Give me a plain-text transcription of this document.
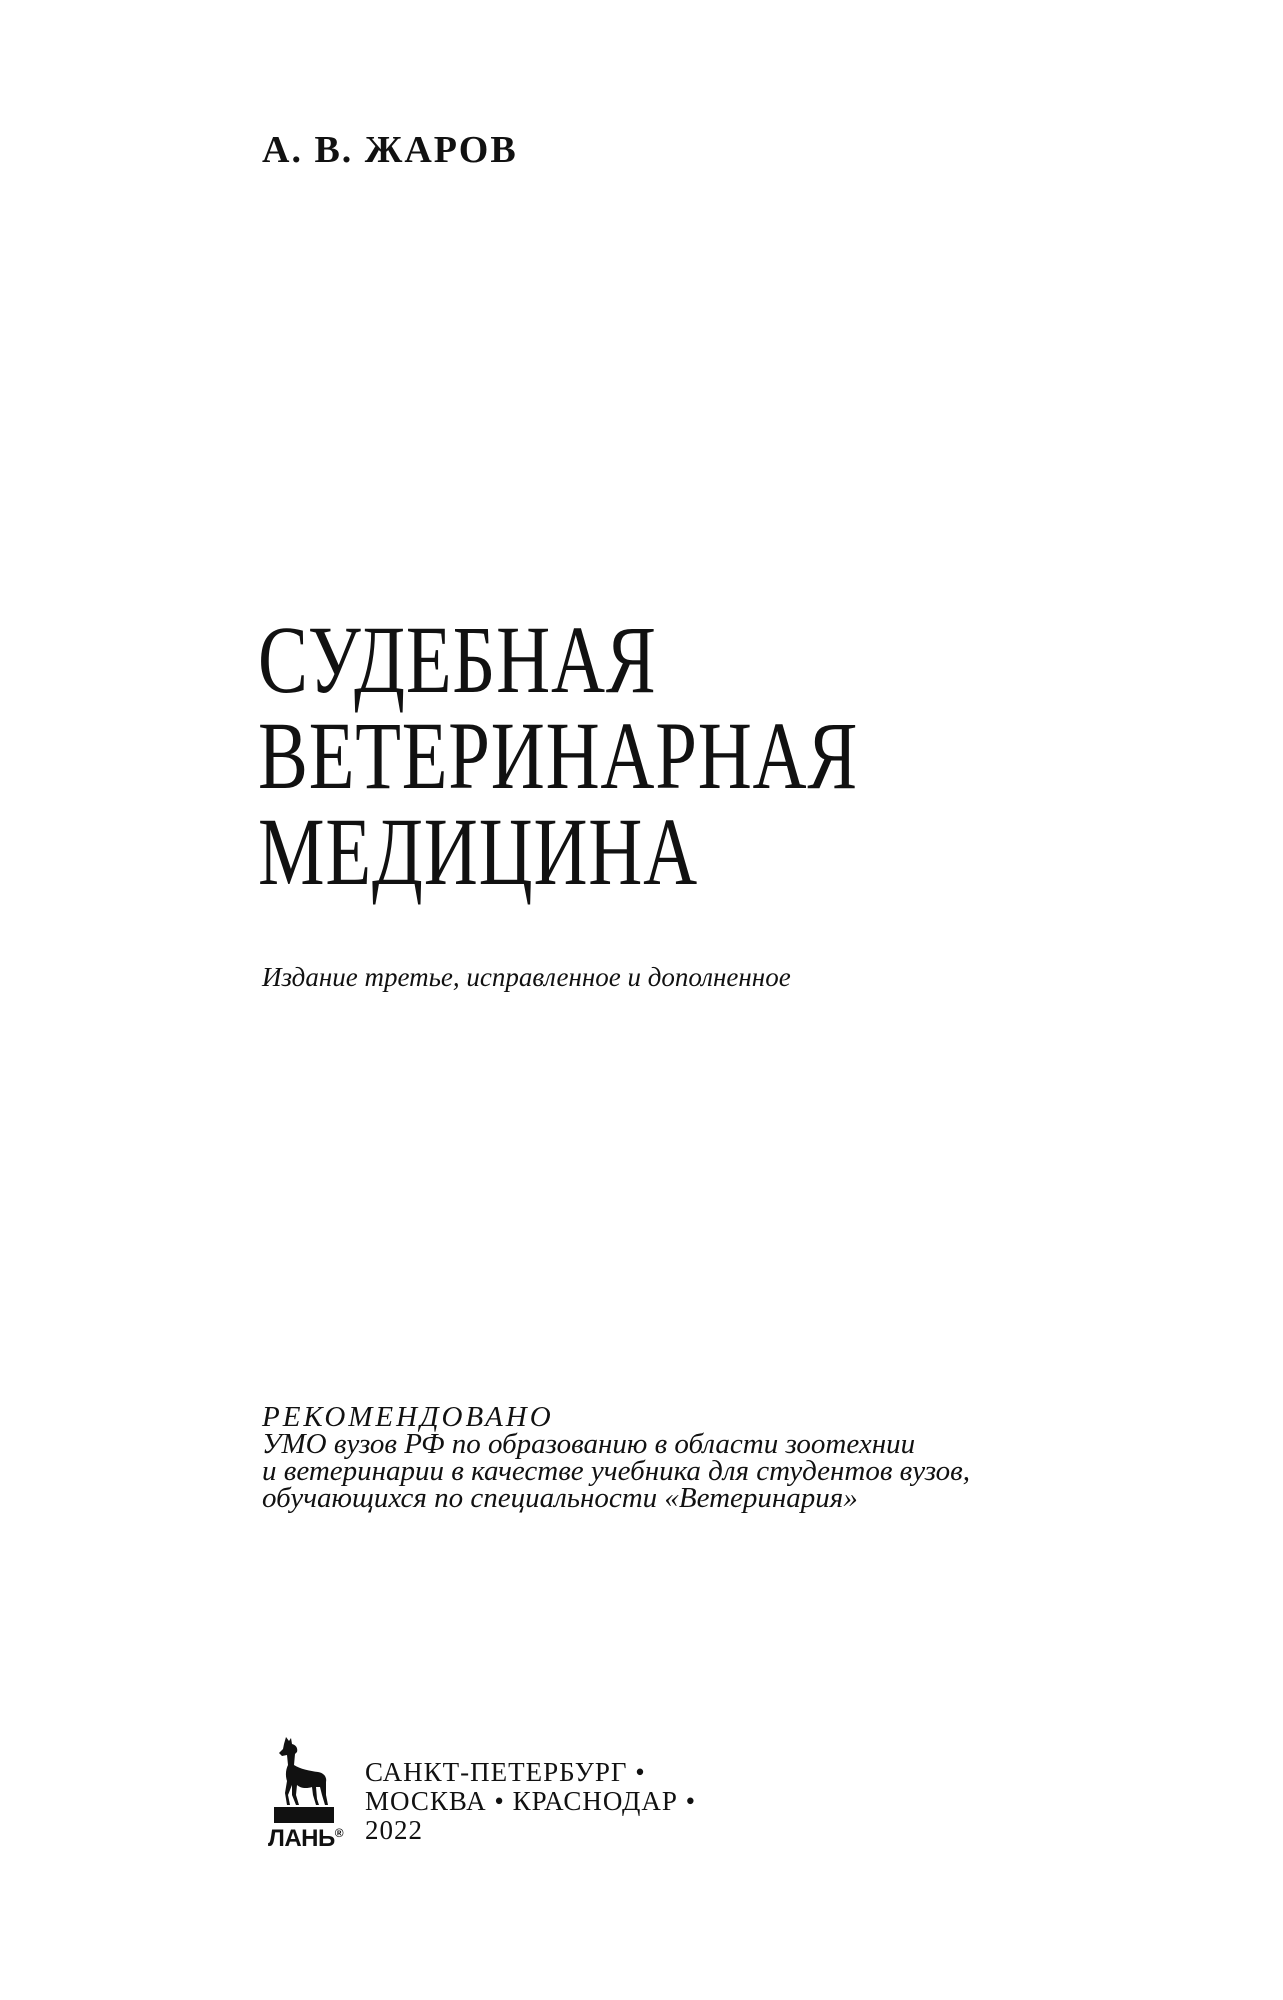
А. В. ЖАРОВ
СУДЕБНАЯ
ВЕТЕРИНАРНАЯ
МЕДИЦИНА
Издание третье, исправленное и дополненное
РЕКОМЕНДОВАНО
УМО вузов РФ по образованию в области зоотехнии
и ветеринарии в качестве учебника для студентов вузов,
обучающихся по специальности «Ветеринария»
ЛАНЬ®
САНКТ-ПЕТЕРБУРГ •
МОСКВА • КРАСНОДАР •
2022
